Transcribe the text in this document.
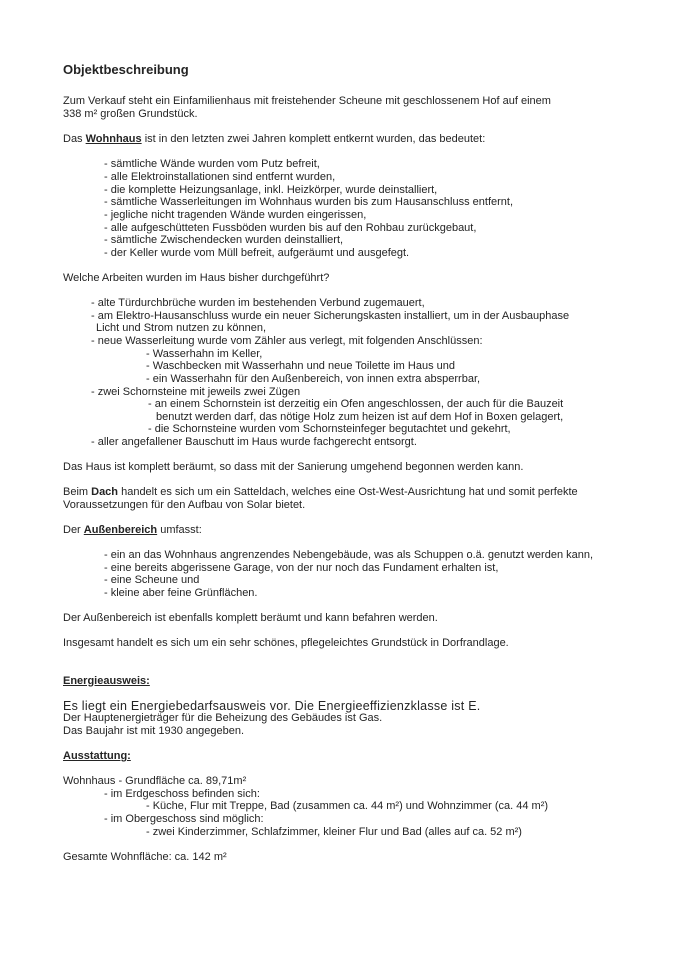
Objektbeschreibung
Zum Verkauf steht ein Einfamilienhaus mit freistehender Scheune mit geschlossenem Hof auf einem
338 m² großen Grundstück.
Das Wohnhaus ist in den letzten zwei Jahren komplett entkernt wurden, das bedeutet:
- sämtliche Wände wurden vom Putz befreit,
- alle Elektroinstallationen sind entfernt wurden,
- die komplette Heizungsanlage, inkl. Heizkörper, wurde deinstalliert,
- sämtliche Wasserleitungen im Wohnhaus wurden bis zum Hausanschluss entfernt,
- jegliche nicht tragenden Wände wurden eingerissen,
- alle aufgeschütteten Fussböden wurden bis auf den Rohbau zurückgebaut,
- sämtliche Zwischendecken wurden deinstalliert,
- der Keller wurde vom Müll befreit, aufgeräumt und ausgefegt.
Welche Arbeiten wurden im Haus bisher durchgeführt?
- alte Türdurchbrüche wurden im bestehenden Verbund zugemauert,
- am Elektro-Hausanschluss wurde ein neuer Sicherungskasten installiert, um in der Ausbauphase
Licht und Strom nutzen zu können,
- neue Wasserleitung wurde vom Zähler aus verlegt, mit folgenden Anschlüssen:
- Wasserhahn im Keller,
- Waschbecken mit Wasserhahn und neue Toilette im Haus und
- ein Wasserhahn für den Außenbereich, von innen extra absperrbar,
- zwei Schornsteine mit jeweils zwei Zügen
- an einem Schornstein ist derzeitig ein Ofen angeschlossen, der auch für die Bauzeit
benutzt werden darf, das nötige Holz zum heizen ist auf dem Hof in Boxen gelagert,
- die Schornsteine wurden vom Schornsteinfeger begutachtet und gekehrt,
- aller angefallener Bauschutt im Haus wurde fachgerecht entsorgt.
Das Haus ist komplett beräumt, so dass mit der Sanierung umgehend begonnen werden kann.
Beim Dach handelt es sich um ein Satteldach, welches eine Ost-West-Ausrichtung hat und somit perfekte
Voraussetzungen für den Aufbau von Solar bietet.
Der Außenbereich umfasst:
- ein an das Wohnhaus angrenzendes Nebengebäude, was als Schuppen o.ä. genutzt werden kann,
- eine bereits abgerissene Garage, von der nur noch das Fundament erhalten ist,
- eine Scheune und
- kleine aber feine Grünflächen.
Der Außenbereich ist ebenfalls komplett beräumt und kann befahren werden.
Insgesamt handelt es sich um ein sehr schönes, pflegeleichtes Grundstück in Dorfrandlage.
Energieausweis:
Es liegt ein Energiebedarfsausweis vor. Die Energieeffizienzklasse ist E.
Der Hauptenergieträger für die Beheizung des Gebäudes ist Gas.
Das Baujahr ist mit 1930 angegeben.
Ausstattung:
Wohnhaus - Grundfläche ca. 89,71m²
- im Erdgeschoss befinden sich:
- Küche, Flur mit Treppe, Bad (zusammen ca. 44 m²) und Wohnzimmer (ca. 44 m²)
- im Obergeschoss sind möglich:
- zwei Kinderzimmer, Schlafzimmer, kleiner Flur und Bad (alles auf ca. 52 m²)
Gesamte Wohnfläche: ca. 142 m²
